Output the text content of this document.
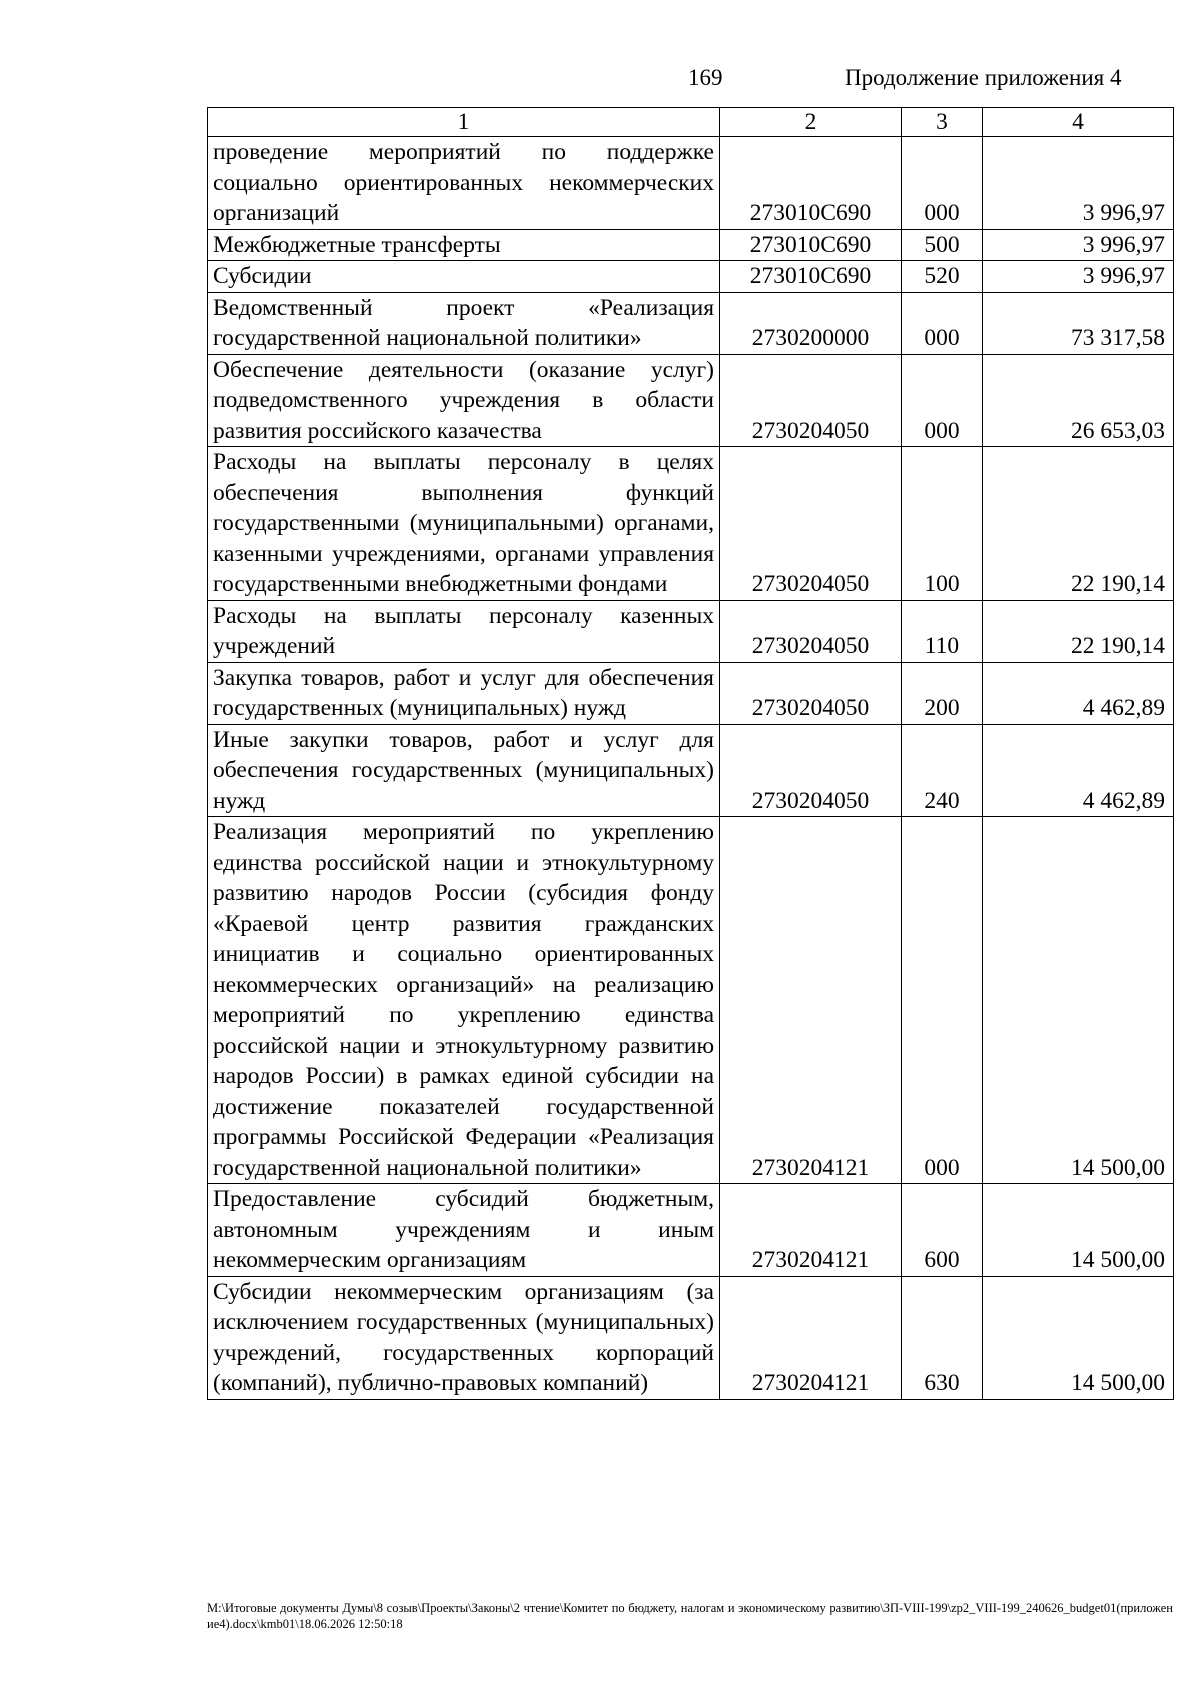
169	Продолжение приложения 4
1	2	3	4
проведение мероприятий по поддержке социально ориентированных некоммерческих организаций	273010С690	000	3 996,97
Межбюджетные трансферты	273010С690	500	3 996,97
Субсидии	273010С690	520	3 996,97
Ведомственный проект «Реализация государственной национальной политики»	2730200000	000	73 317,58
Обеспечение деятельности (оказание услуг) подведомственного учреждения в области развития российского казачества	2730204050	000	26 653,03
Расходы на выплаты персоналу в целях обеспечения выполнения функций государственными (муниципальными) органами, казенными учреждениями, органами управления государственными внебюджетными фондами	2730204050	100	22 190,14
Расходы на выплаты персоналу казенных учреждений	2730204050	110	22 190,14
Закупка товаров, работ и услуг для обеспечения государственных (муниципальных) нужд	2730204050	200	4 462,89
Иные закупки товаров, работ и услуг для обеспечения государственных (муниципальных) нужд	2730204050	240	4 462,89
Реализация мероприятий по укреплению единства российской нации и этнокультурному развитию народов России (субсидия фонду «Краевой центр развития гражданских инициатив и социально ориентированных некоммерческих организаций» на реализацию мероприятий по укреплению единства российской нации и этнокультурному развитию народов России) в рамках единой субсидии на достижение показателей государственной программы Российской Федерации «Реализация государственной национальной политики»	2730204121	000	14 500,00
Предоставление субсидий бюджетным, автономным учреждениям и иным некоммерческим организациям	2730204121	600	14 500,00
Субсидии некоммерческим организациям (за исключением государственных (муниципальных) учреждений, государственных корпораций (компаний), публично-правовых компаний)	2730204121	630	14 500,00
М:\Итоговые документы Думы\8 созыв\Проекты\Законы\2 чтение\Комитет по бюджету, налогам и экономическому развитию\ЗП-VIII-199\zp2_VIII-199_240626_budget01(приложение4).docx\kmb01\18.06.2026 12:50:18
